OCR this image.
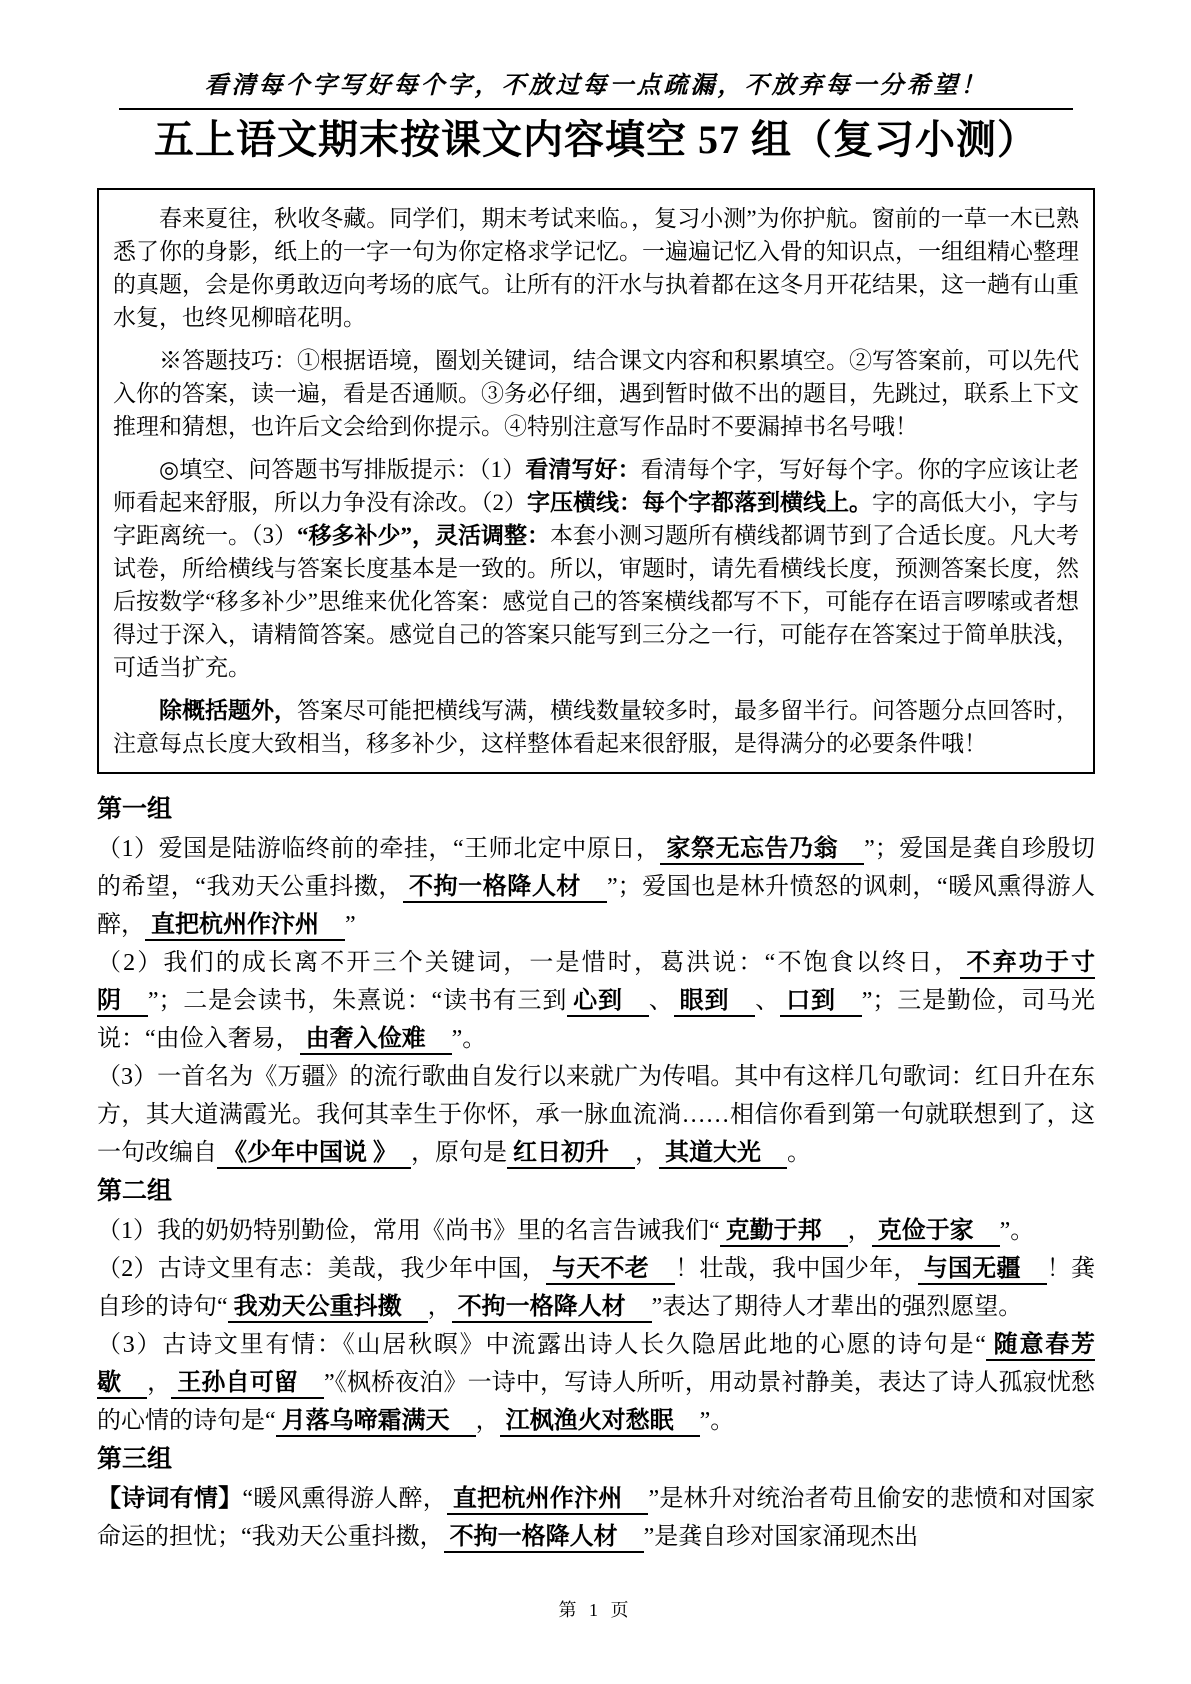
看清每个字写好每个字，不放过每一点疏漏，不放弃每一分希望！
五上语文期末按课文内容填空 57 组（复习小测）

春来夏往，秋收冬藏。同学们，期末考试来临。，复习小测”为你护航。窗前的一草一木已熟悉了你的身影，纸上的一字一句为你定格求学记忆。一遍遍记忆入骨的知识点，一组组精心整理的真题，会是你勇敢迈向考场的底气。让所有的汗水与执着都在这冬月开花结果，这一趟有山重水复，也终见柳暗花明。

※答题技巧：①根据语境，圈划关键词，结合课文内容和积累填空。②写答案前，可以先代入你的答案，读一遍，看是否通顺。③务必仔细，遇到暂时做不出的题目，先跳过，联系上下文推理和猜想，也许后文会给到你提示。④特别注意写作品时不要漏掉书名号哦！

◎填空、问答题书写排版提示：（1）看清写好：看清每个字，写好每个字。你的字应该让老师看起来舒服，所以力争没有涂改。（2）字压横线：每个字都落到横线上。字的高低大小，字与字距离统一。（3）“移多补少”，灵活调整：本套小测习题所有横线都调节到了合适长度。凡大考试卷，所给横线与答案长度基本是一致的。所以，审题时，请先看横线长度，预测答案长度，然后按数学“移多补少”思维来优化答案：感觉自己的答案横线都写不下，可能存在语言啰嗦或者想得过于深入，请精简答案。感觉自己的答案只能写到三分之一行，可能存在答案过于简单肤浅，可适当扩充。

除概括题外，答案尽可能把横线写满，横线数量较多时，最多留半行。问答题分点回答时，注意每点长度大致相当，移多补少，这样整体看起来很舒服，是得满分的必要条件哦！

第一组

（1）爱国是陆游临终前的牵挂，“王师北定中原日， 家祭无忘告乃翁 ”；爱国是龚自珍殷切的希望，“我劝天公重抖擞， 不拘一格降人材 ”；爱国也是林升愤怒的讽刺，“暖风熏得游人醉， 直把杭州作汴州 ”

（2）我们的成长离不开三个关键词，一是惜时，葛洪说：“不饱食以终日， 不弃功于寸阴 ”；二是会读书，朱熹说：“读书有三到 心到 、 眼到 、 口到 ”；三是勤俭，司马光说：“由俭入奢易， 由奢入俭难 ”。

（3）一首名为《万疆》的流行歌曲自发行以来就广为传唱。其中有这样几句歌词：红日升在东方，其大道满霞光。我何其幸生于你怀，承一脉血流淌……相信你看到第一句就联想到了，这一句改编自 《少年中国说 》 ，原句是 红日初升 ， 其道大光 。

第二组

（1）我的奶奶特别勤俭，常用《尚书》里的名言告诫我们“ 克勤于邦 ， 克俭于家 ”。

（2）古诗文里有志：美哉，我少年中国， 与天不老 ！壮哉，我中国少年， 与国无疆 ！龚自珍的诗句“ 我劝天公重抖擞 ， 不拘一格降人材 ”表达了期待人才辈出的强烈愿望。

（3）古诗文里有情：《山居秋暝》中流露出诗人长久隐居此地的心愿的诗句是“ 随意春芳歇 ， 王孙自可留 ”《枫桥夜泊》一诗中，写诗人所听，用动景衬静美，表达了诗人孤寂忧愁的心情的诗句是“ 月落乌啼霜满天 ， 江枫渔火对愁眠 ”。

第三组

【诗词有情】“暖风熏得游人醉， 直把杭州作汴州 ”是林升对统治者苟且偷安的悲愤和对国家命运的担忧；“我劝天公重抖擞， 不拘一格降人材 ”是龚自珍对国家涌现杰出

第 1 页
